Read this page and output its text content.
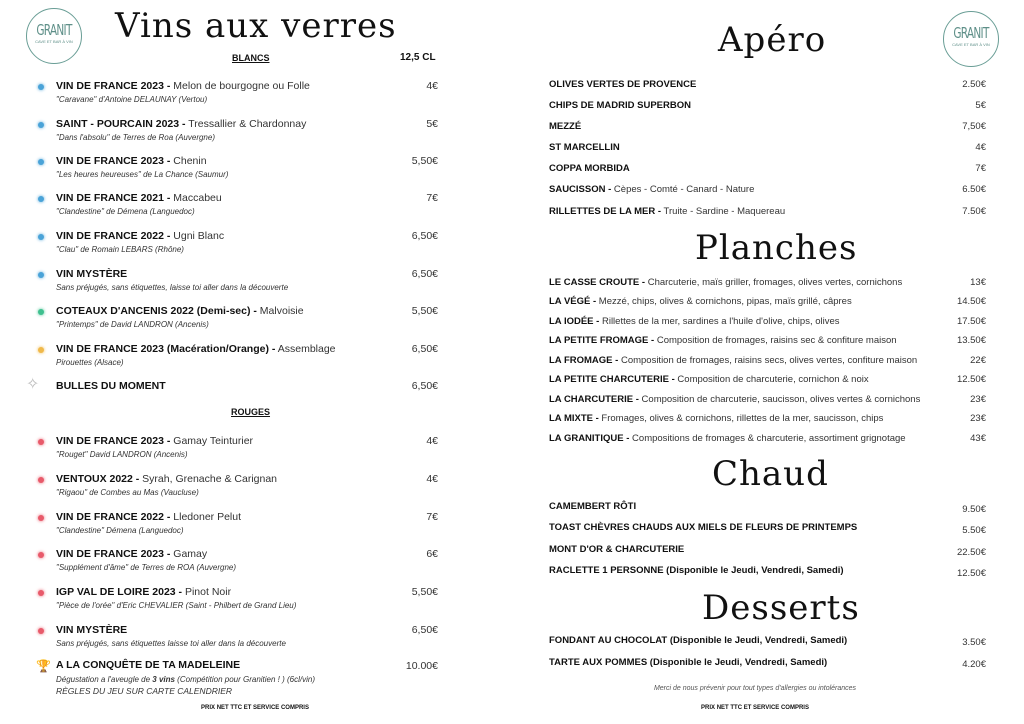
GRANIT
CAVE ET BAR À VIN	GRANIT
CAVE ET BAR À VIN
Vins aux verres
BLANCS	12,5 CL
ROUGES
VIN DE FRANCE 2023 - Melon de bourgogne ou Folle
"Caravane" d'Antoine DELAUNAY (Vertou)
4€
SAINT - POURCAIN 2023 - Tressallier & Chardonnay
"Dans l'absolu" de Terres de Roa (Auvergne)
5€
VIN DE FRANCE 2023 - Chenin
"Les heures heureuses" de La Chance (Saumur)
5,50€
VIN DE FRANCE 2021 - Maccabeu
"Clandestine" de Démena (Languedoc)
7€
VIN DE FRANCE 2022 - Ugni Blanc
"Clau" de Romain LEBARS (Rhône)
6,50€
VIN MYSTÈRE
Sans préjugés, sans étiquettes, laisse toi aller dans la découverte
6,50€
COTEAUX D'ANCENIS 2022 (Demi-sec) - Malvoisie
"Printemps" de David LANDRON (Ancenis)
5,50€
VIN DE FRANCE 2023 (Macération/Orange) - Assemblage
Pirouettes (Alsace)
6,50€
✧ BULLES DU MOMENT	6,50€
VIN DE FRANCE 2023 - Gamay Teinturier
"Rouget" David LANDRON (Ancenis)
4€
VENTOUX 2022 - Syrah, Grenache & Carignan
"Rigaou" de Combes au Mas (Vaucluse)
4€
VIN DE FRANCE 2022 - Lledoner Pelut
"Clandestine" Démena (Languedoc)
7€
VIN DE FRANCE 2023 - Gamay
"Supplément d'âme" de Terres de ROA (Auvergne)
6€
IGP VAL DE LOIRE 2023 - Pinot Noir
"Pièce de l'orée" d'Eric CHEVALIER (Saint - Philbert de Grand Lieu)
5,50€
VIN MYSTÈRE
Sans préjugés, sans étiquettes laisse toi aller dans la découverte
6,50€
🏆 A LA CONQUÊTE DE TA MADELEINE
Dégustation a l'aveugle de 3 vins (Compétition pour Granitien ! ) (6cl/vin)
RÈGLES DU JEU SUR CARTE CALENDRIER
10.00€
PRIX NET TTC ET SERVICE COMPRIS
Apéro
Planches
Chaud
Desserts
OLIVES VERTES DE PROVENCE	2.50€
CHIPS DE MADRID SUPERBON	5€
MEZZÉ	7,50€
ST MARCELLIN	4€
COPPA MORBIDA	7€
SAUCISSON - Cèpes - Comté - Canard - Nature	6.50€
RILLETTES DE LA MER - Truite - Sardine - Maquereau	7.50€
LE CASSE CROUTE - Charcuterie, maïs griller, fromages, olives vertes, cornichons	13€
LA VÉGÉ - Mezzé, chips, olives & cornichons, pipas, maïs grillé, câpres	14.50€
LA IODÉE - Rillettes de la mer, sardines a l'huile d'olive, chips, olives	17.50€
LA PETITE FROMAGE - Composition de fromages, raisins sec & confiture maison	13.50€
LA FROMAGE - Composition de fromages, raisins secs, olives vertes, confiture maison	22€
LA PETITE CHARCUTERIE - Composition de charcuterie, cornichon & noix	12.50€
LA CHARCUTERIE - Composition de charcuterie, saucisson, olives vertes & cornichons	23€
LA MIXTE - Fromages, olives & cornichons, rillettes de la mer, saucisson, chips	23€
LA GRANITIQUE - Compositions de fromages & charcuterie, assortiment grignotage	43€
CAMEMBERT RÔTI	9.50€
TOAST CHÈVRES CHAUDS AUX MIELS DE FLEURS DE PRINTEMPS	5.50€
MONT D'OR & CHARCUTERIE	22.50€
RACLETTE 1 PERSONNE (Disponible le Jeudi, Vendredi, Samedi)	12.50€
FONDANT AU CHOCOLAT (Disponible le Jeudi, Vendredi, Samedi)	3.50€
TARTE AUX POMMES (Disponible le Jeudi, Vendredi, Samedi)	4.20€
Merci de nous prévenir pour tout types d'allergies ou intolérances
PRIX NET TTC ET SERVICE COMPRIS
